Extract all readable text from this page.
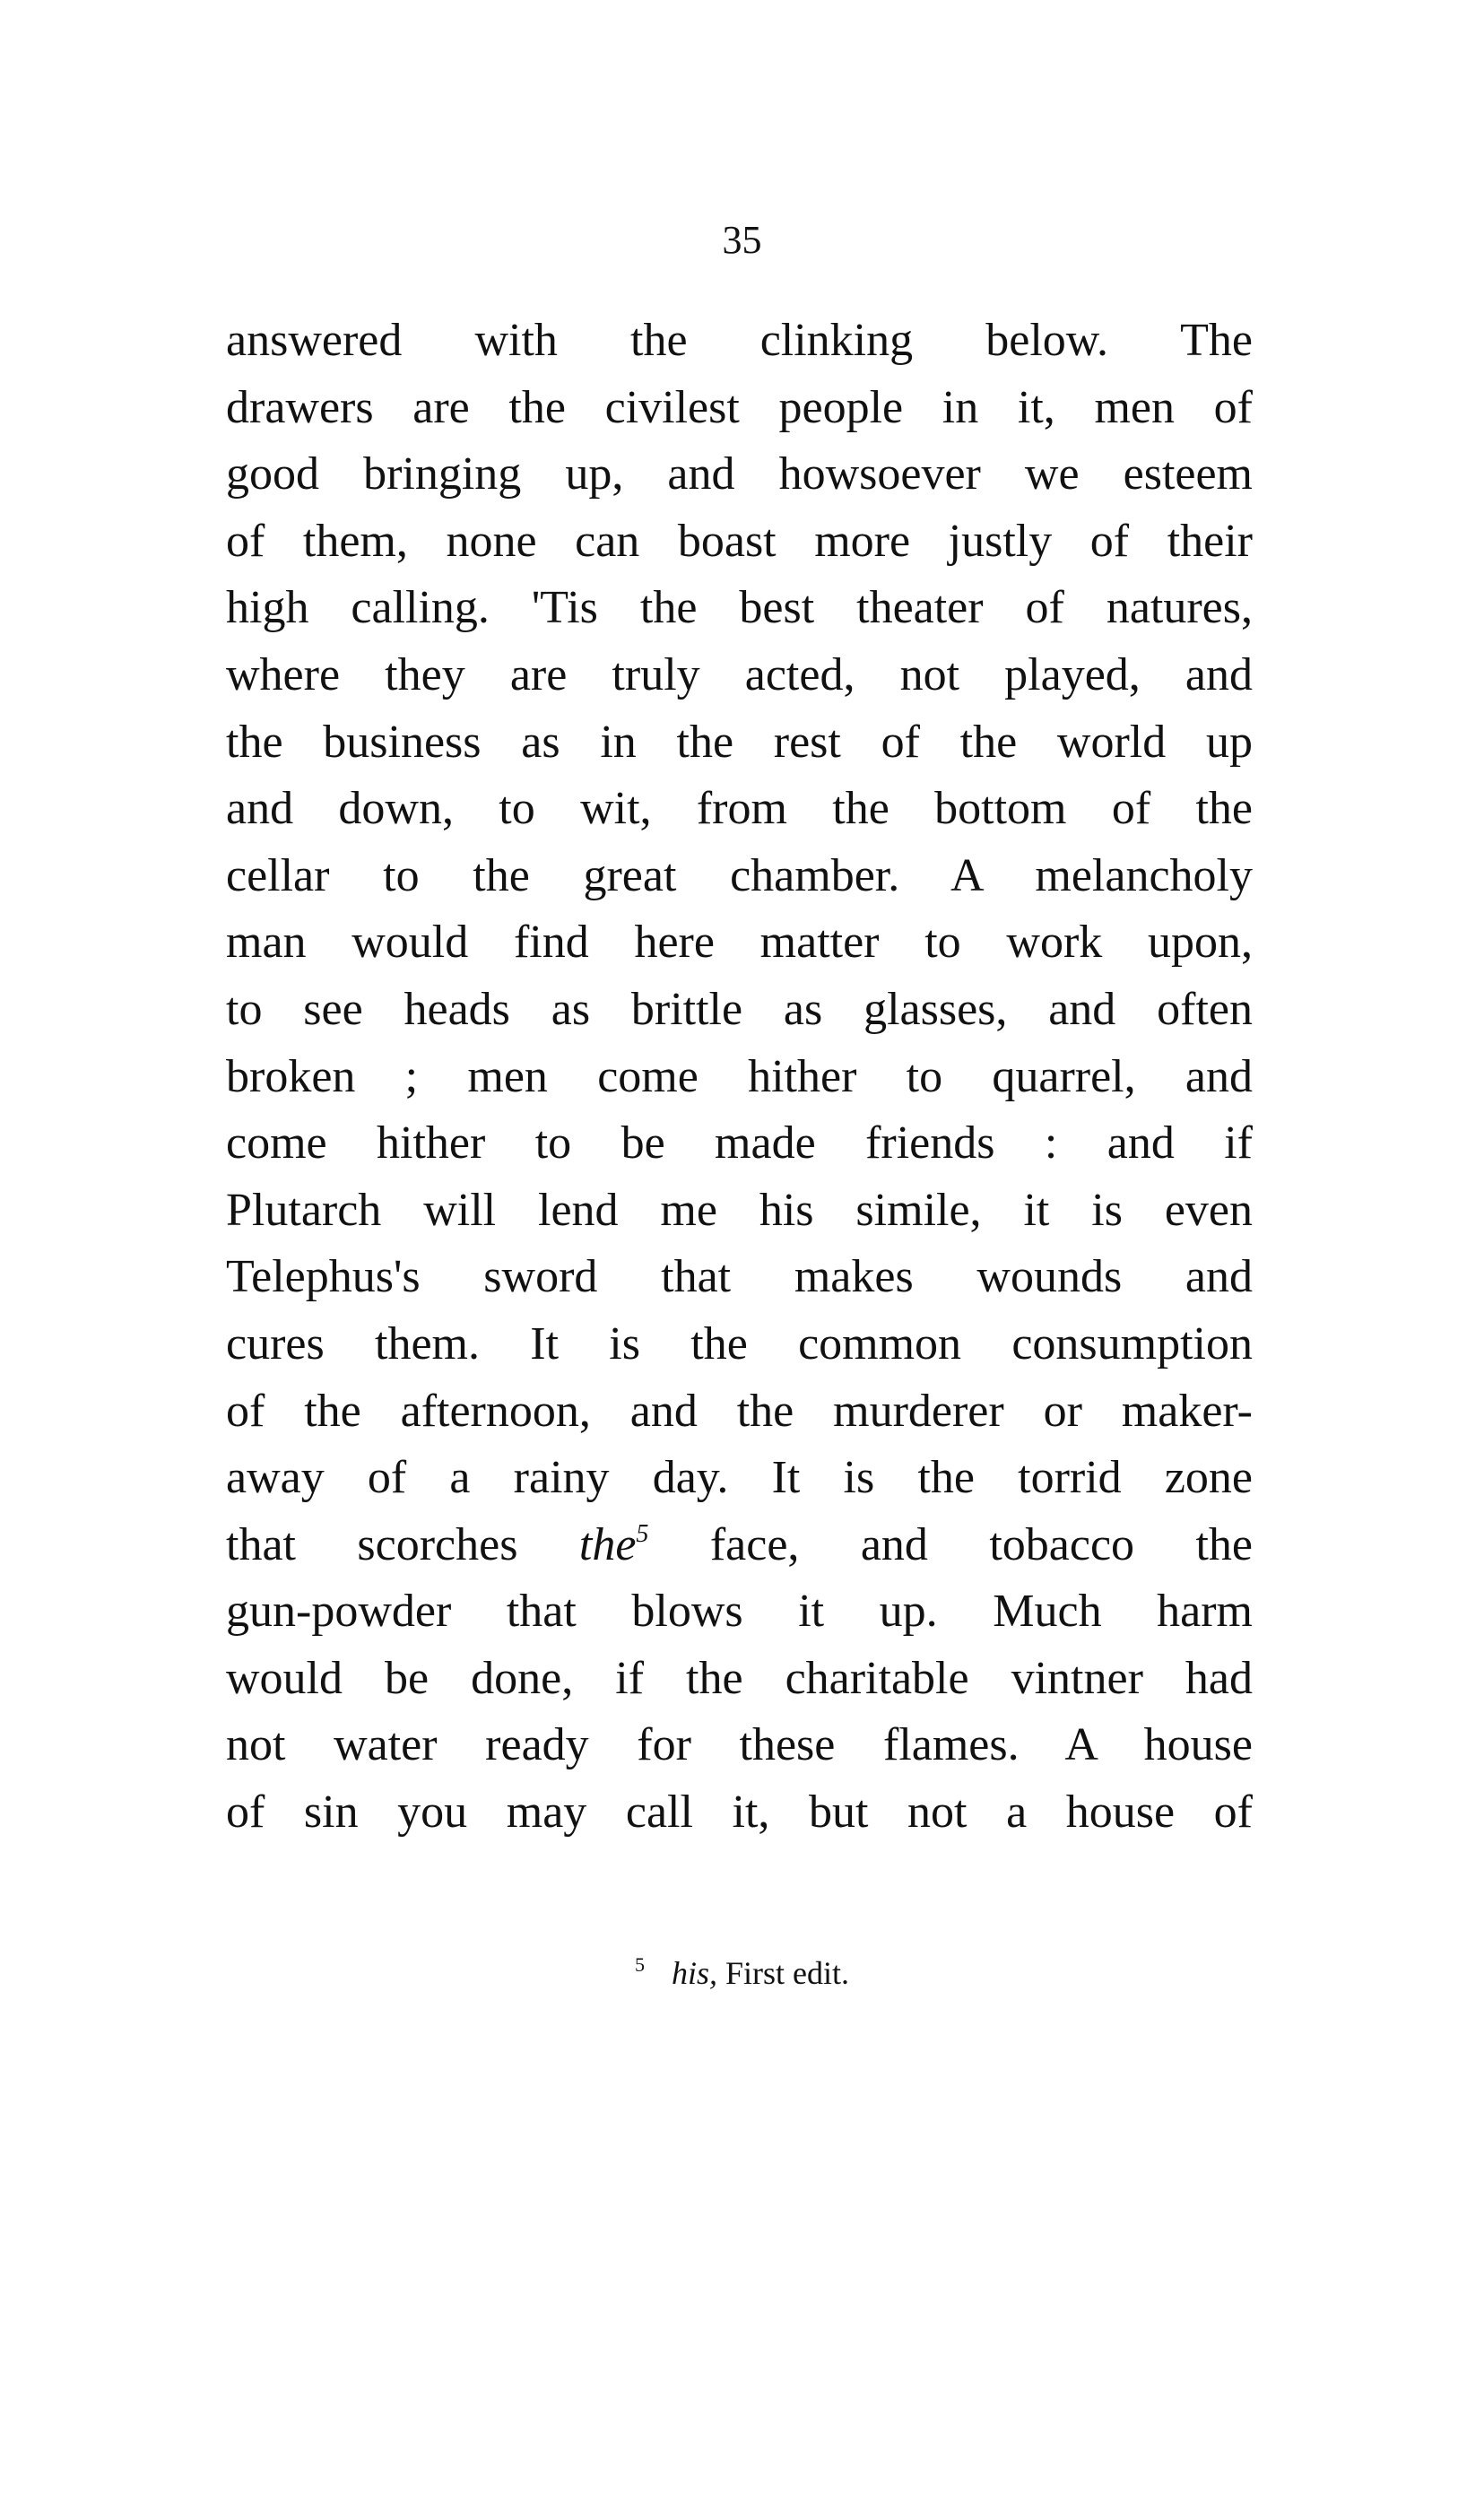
35
answered with the clinking below. The
drawers are the civilest people in it, men of
good bringing up, and howsoever we esteem
of them, none can boast more justly of their
high calling. 'Tis the best theater of natures,
where they are truly acted, not played, and
the business as in the rest of the world up
and down, to wit, from the bottom of the
cellar to the great chamber. A melancholy
man would find here matter to work upon,
to see heads as brittle as glasses, and often
broken ; men come hither to quarrel, and
come hither to be made friends : and if
Plutarch will lend me his simile, it is even
Telephus's sword that makes wounds and
cures them. It is the common consumption
of the afternoon, and the murderer or maker-
away of a rainy day. It is the torrid zone
that scorches the$^5$ face, and tobacco the
gun-powder that blows it up. Much harm
would be done, if the charitable vintner had
not water ready for these flames. A house
of sin you may call it, but not a house of
$^5$ his, First edit.
